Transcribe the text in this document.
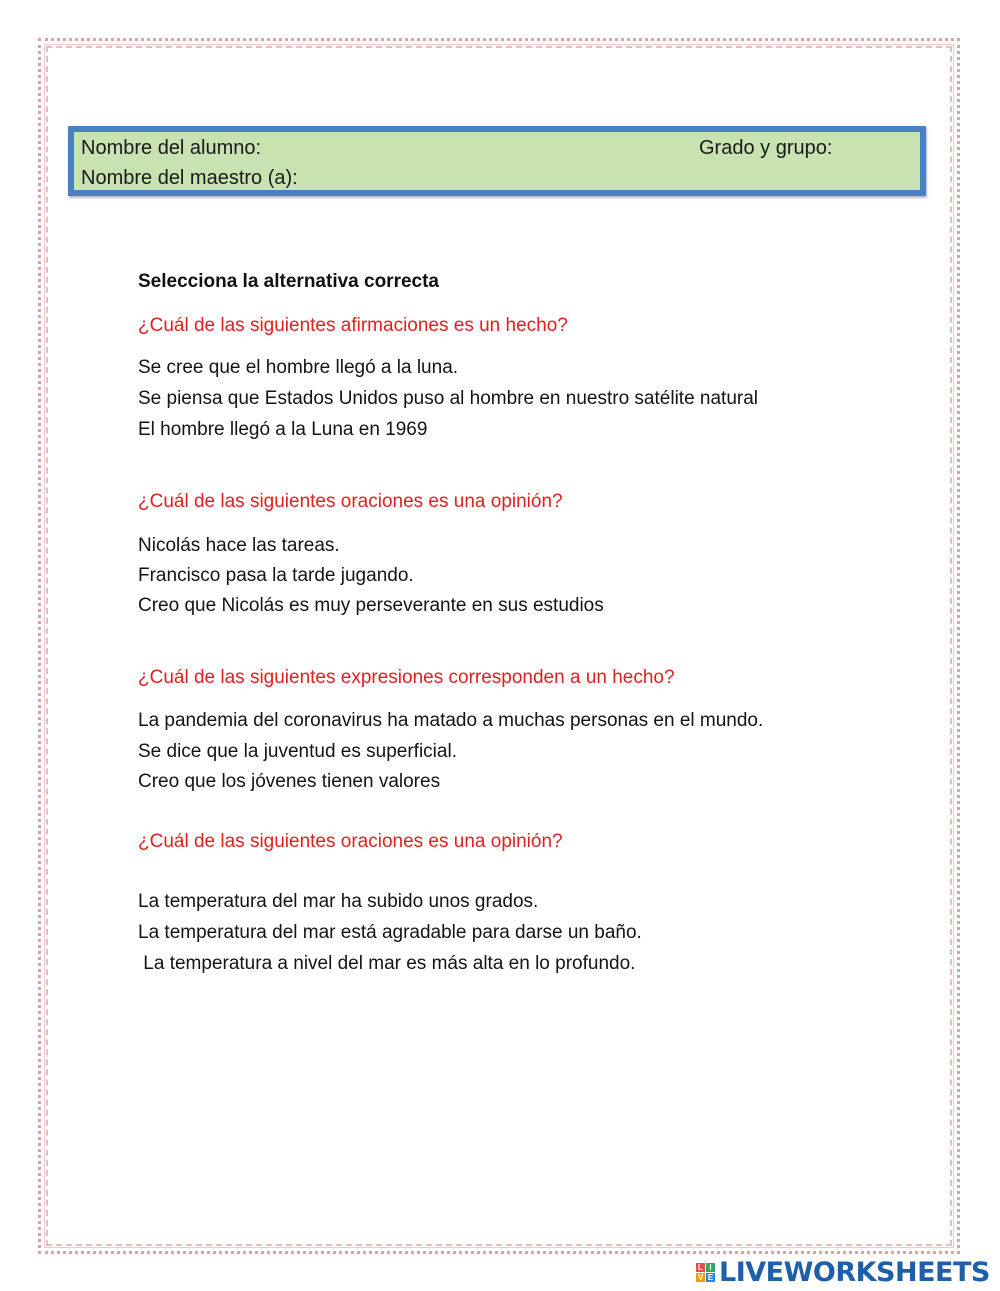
Nombre del alumno:	Grado y grupo:
Nombre del maestro (a):
Selecciona la alternativa correcta
¿Cuál de las siguientes afirmaciones es un hecho?
Se cree que el hombre llegó a la luna.
Se piensa que Estados Unidos puso al hombre en nuestro satélite natural
El hombre llegó a la Luna en 1969
¿Cuál de las siguientes oraciones es una opinión?
Nicolás hace las tareas.
Francisco pasa la tarde jugando.
Creo que Nicolás es muy perseverante en sus estudios
¿Cuál de las siguientes expresiones corresponden a un hecho?
La pandemia del coronavirus ha matado a muchas personas en el mundo.
Se dice que la juventud es superficial.
Creo que los jóvenes tienen valores
¿Cuál de las siguientes oraciones es una opinión?
La temperatura del mar ha subido unos grados.
La temperatura del mar está agradable para darse un baño.
La temperatura a nivel del mar es más alta en lo profundo.
L I
V E LIVEWORKSHEETS
